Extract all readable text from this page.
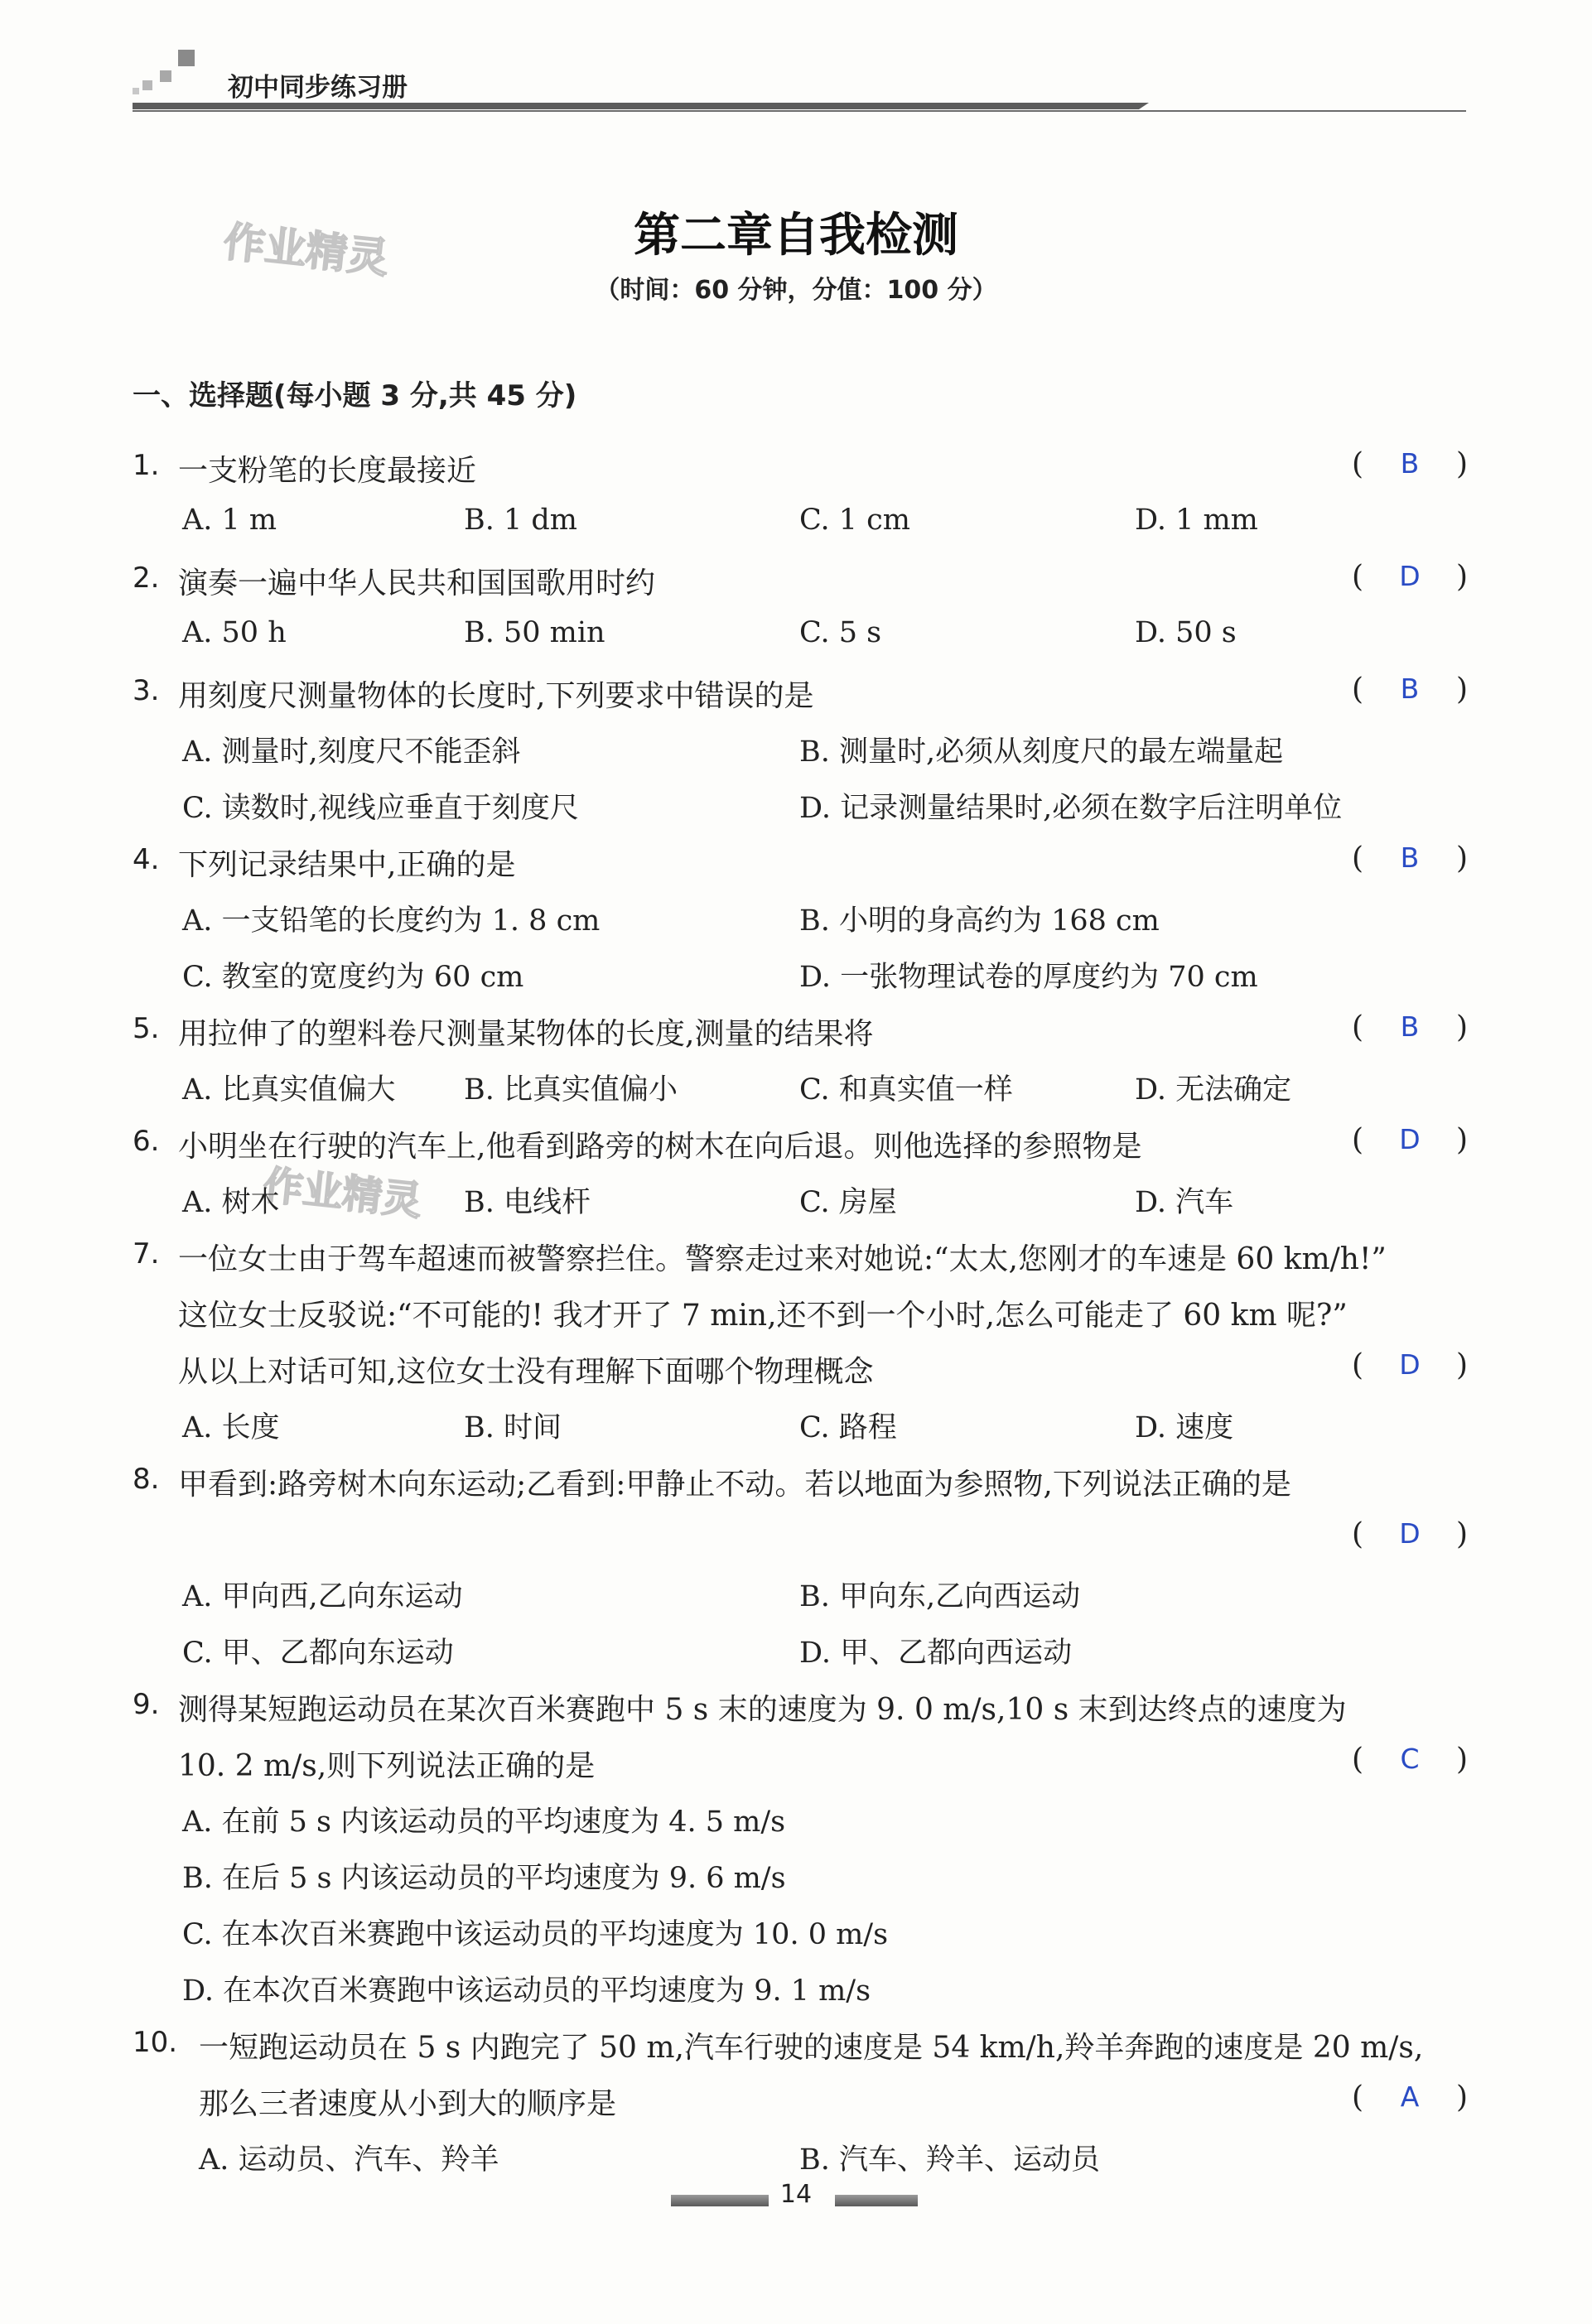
初中同步练习册
作业精灵
作业精灵
第二章自我检测
（时间：60 分钟，分值：100 分）
一、选择题(每小题 3 分,共 45 分)
1. 一支粉笔的长度最接近	( B )
A. 1 m	B. 1 dm	C. 1 cm	D. 1 mm
2. 演奏一遍中华人民共和国国歌用时约	( D )
A. 50 h	B. 50 min	C. 5 s	D. 50 s
3. 用刻度尺测量物体的长度时,下列要求中错误的是	( B )
A. 测量时,刻度尺不能歪斜	B. 测量时,必须从刻度尺的最左端量起
C. 读数时,视线应垂直于刻度尺	D. 记录测量结果时,必须在数字后注明单位
4. 下列记录结果中,正确的是	( B )
A. 一支铅笔的长度约为 1. 8 cm	B. 小明的身高约为 168 cm
C. 教室的宽度约为 60 cm	D. 一张物理试卷的厚度约为 70 cm
5. 用拉伸了的塑料卷尺测量某物体的长度,测量的结果将	( B )
A. 比真实值偏大 B. 比真实值偏小	C. 和真实值一样	D. 无法确定
6. 小明坐在行驶的汽车上,他看到路旁的树木在向后退。则他选择的参照物是	( D )
A. 树木	B. 电线杆	C. 房屋	D. 汽车
7. 一位女士由于驾车超速而被警察拦住。警察走过来对她说:“太太,您刚才的车速是 60 km/h!”
这位女士反驳说:“不可能的! 我才开了 7 min,还不到一个小时,怎么可能走了 60 km 呢?”
从以上对话可知,这位女士没有理解下面哪个物理概念	( D )
A. 长度	B. 时间	C. 路程	D. 速度
8. 甲看到:路旁树木向东运动;乙看到:甲静止不动。若以地面为参照物,下列说法正确的是
( D )
A. 甲向西,乙向东运动	B. 甲向东,乙向西运动
C. 甲、乙都向东运动	D. 甲、乙都向西运动
9. 测得某短跑运动员在某次百米赛跑中 5 s 末的速度为 9. 0 m/s,10 s 末到达终点的速度为
10. 2 m/s,则下列说法正确的是	( C )
A. 在前 5 s 内该运动员的平均速度为 4. 5 m/s
B. 在后 5 s 内该运动员的平均速度为 9. 6 m/s
C. 在本次百米赛跑中该运动员的平均速度为 10. 0 m/s
D. 在本次百米赛跑中该运动员的平均速度为 9. 1 m/s
10. 一短跑运动员在 5 s 内跑完了 50 m,汽车行驶的速度是 54 km/h,羚羊奔跑的速度是 20 m/s,
那么三者速度从小到大的顺序是	( A )
A. 运动员、汽车、羚羊	B. 汽车、羚羊、运动员
14
